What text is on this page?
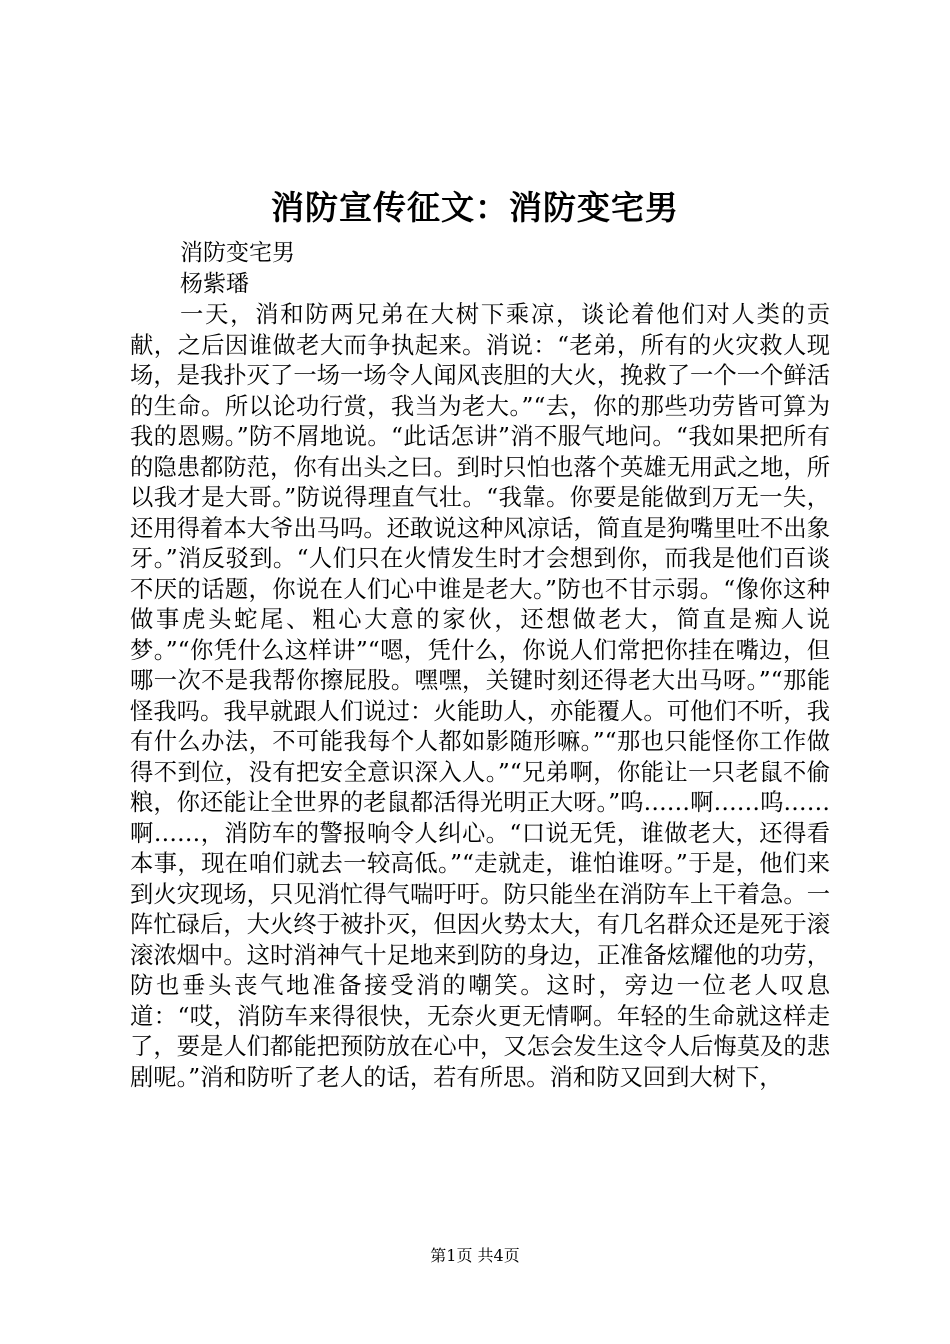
消防宣传征文：消防变宅男
消防变宅男
杨紫璠

一天，消和防两兄弟在大树下乘凉，谈论着他们对人类的贡献，之后因谁做老大而争执起来。消说：“老弟，所有的火灾救人现场，是我扑灭了一场一场令人闻风丧胆的大火，挽救了一个一个鲜活的生命。所以论功行赏，我当为老大。”“去，你的那些功劳皆可算为我的恩赐。”防不屑地说。“此话怎讲”消不服气地问。“我如果把所有的隐患都防范，你有出头之曰。到时只怕也落个英雄无用武之地，所以我才是大哥。”防说得理直气壮。“我靠。你要是能做到万无一失，还用得着本大爷出马吗。还敢说这种风凉话，简直是狗嘴里吐不出象牙。”消反驳到。“人们只在火情发生时才会想到你，而我是他们百谈不厌的话题，你说在人们心中谁是老大。”防也不甘示弱。“像你这种做事虎头蛇尾、粗心大意的家伙，还想做老大，简直是痴人说梦。”“你凭什么这样讲”“嗯，凭什么，你说人们常把你挂在嘴边，但哪一次不是我帮你擦屁股。嘿嘿，关键时刻还得老大出马呀。”“那能怪我吗。我早就跟人们说过：火能助人，亦能覆人。可他们不听，我有什么办法，不可能我每个人都如影随形嘛。”“那也只能怪你工作做得不到位，没有把安全意识深入人。”“兄弟啊，你能让一只老鼠不偷粮，你还能让全世界的老鼠都活得光明正大呀。”呜……啊……呜……啊……，消防车的警报响令人纠心。“口说无凭，谁做老大，还得看本事，现在咱们就去一较高低。”“走就走，谁怕谁呀。”于是，他们来到火灾现场，只见消忙得气喘吁吁。防只能坐在消防车上干着急。一阵忙碌后，大火终于被扑灭，但因火势太大，有几名群众还是死于滚滚浓烟中。这时消神气十足地来到防的身边，正准备炫耀他的功劳，防也垂头丧气地准备接受消的嘲笑。这时，旁边一位老人叹息道：“哎，消防车来得很快，无奈火更无情啊。年轻的生命就这样走了，要是人们都能把预防放在心中，又怎会发生这令人后悔莫及的悲剧呢。”消和防听了老人的话，若有所思。消和防又回到大树下，

第1页 共4页
